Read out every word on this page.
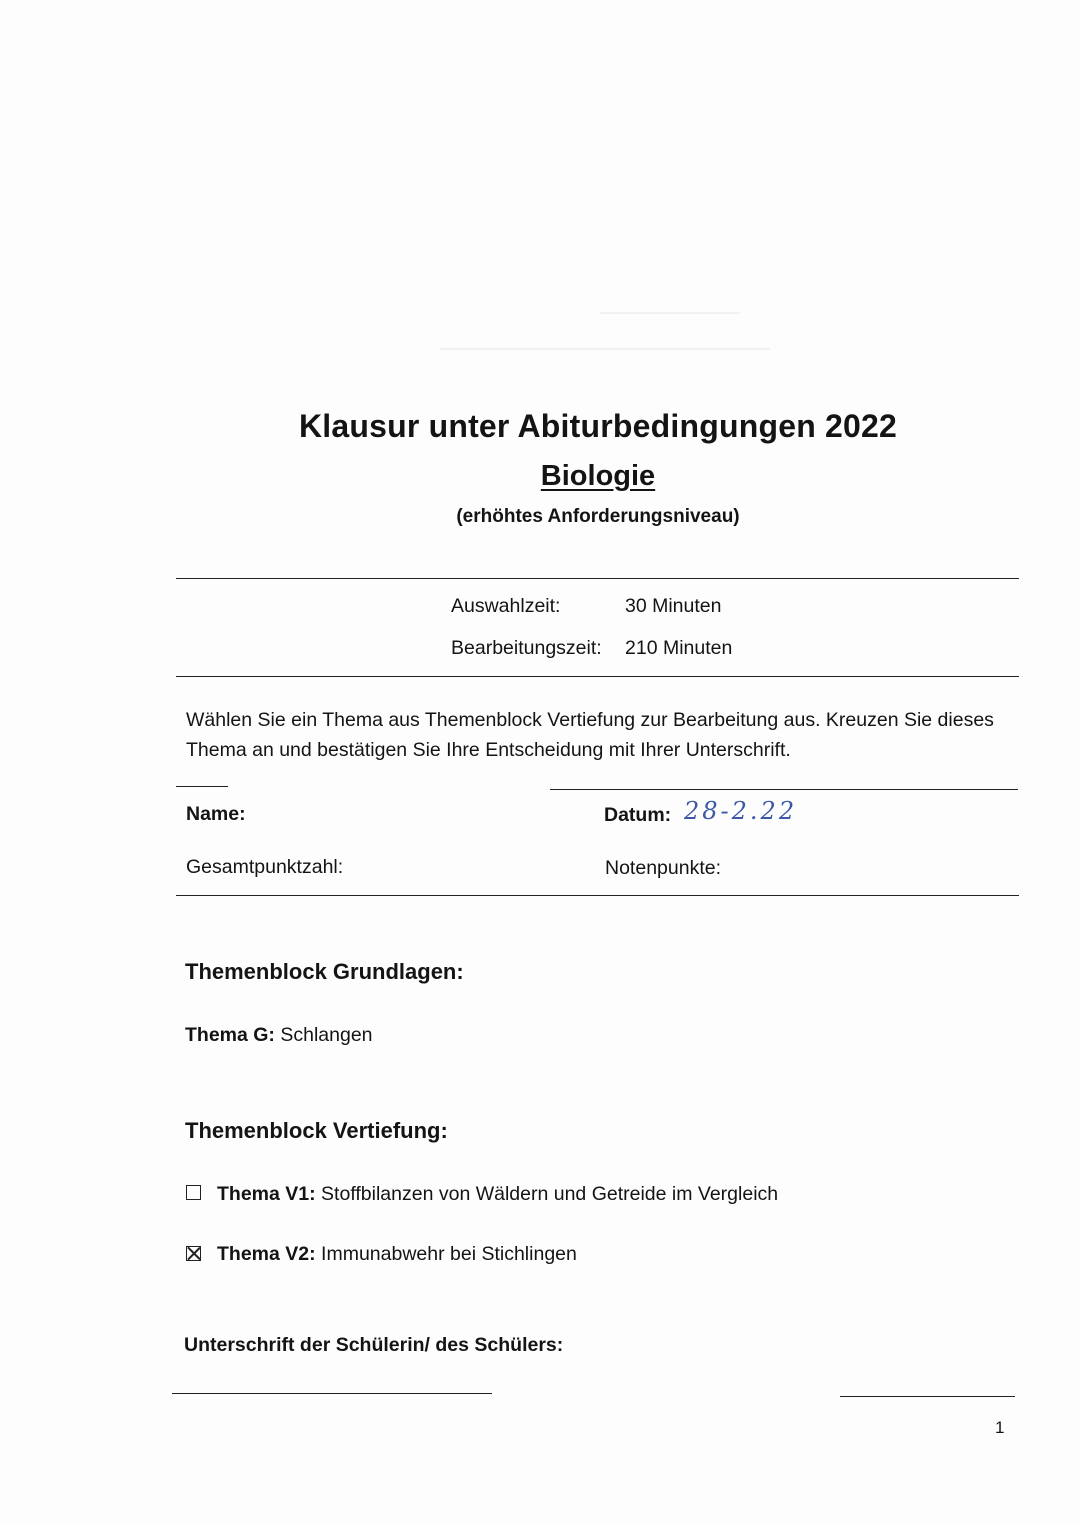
Klausur unter Abiturbedingungen 2022
Biologie
(erhöhtes Anforderungsniveau)
Auswahlzeit:	30 Minuten
Bearbeitungszeit: 210 Minuten
Wählen Sie ein Thema aus Themenblock Vertiefung zur Bearbeitung aus. Kreuzen Sie dieses Thema an und bestätigen Sie Ihre Entscheidung mit Ihrer Unterschrift.
Name:	Datum: 28-2.22
Gesamtpunktzahl:	Notenpunkte:
Themenblock Grundlagen:
Thema G: Schlangen
Themenblock Vertiefung:
Thema V1: Stoffbilanzen von Wäldern und Getreide im Vergleich
Thema V2: Immunabwehr bei Stichlingen
Unterschrift der Schülerin/ des Schülers:
1
